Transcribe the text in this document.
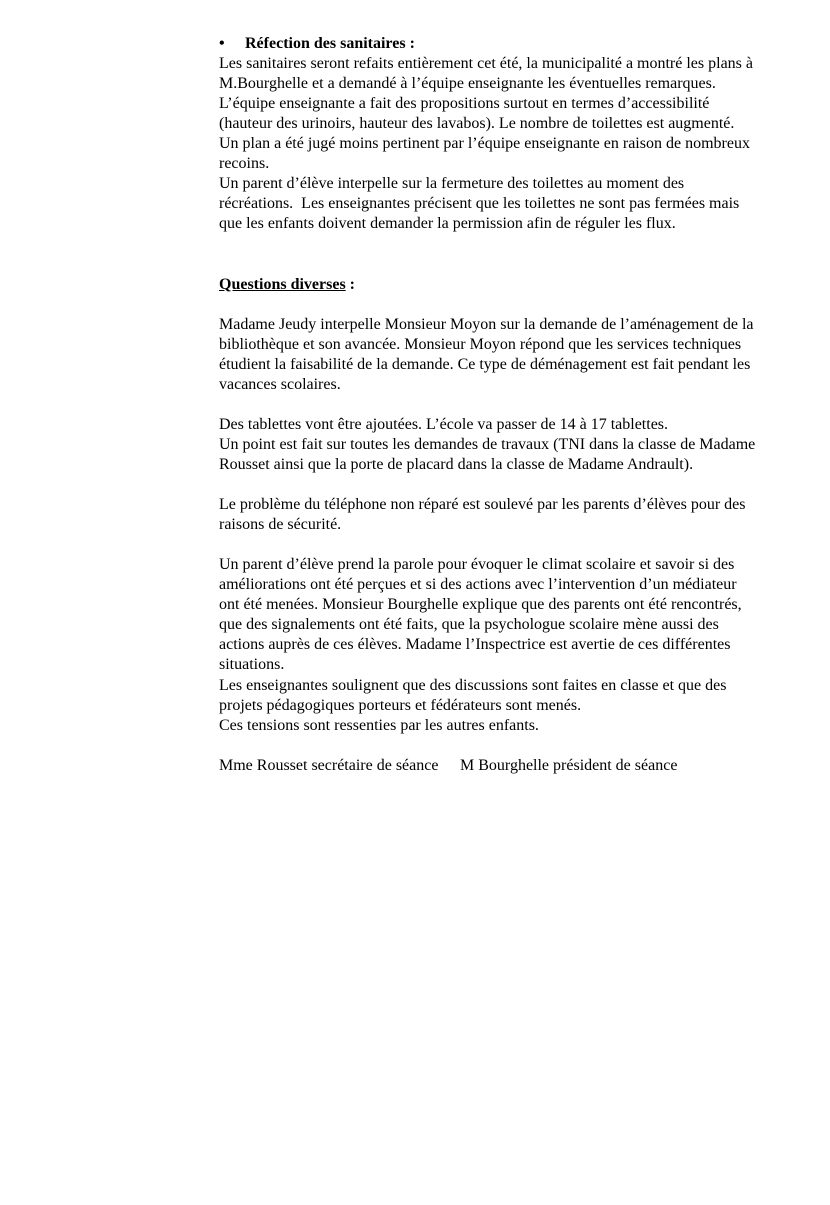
• Réfection des sanitaires :
Les sanitaires seront refaits entièrement cet été, la municipalité a montré les plans à
M.Bourghelle et a demandé à l’équipe enseignante les éventuelles remarques.
L’équipe enseignante a fait des propositions surtout en termes d’accessibilité
(hauteur des urinoirs, hauteur des lavabos). Le nombre de toilettes est augmenté.
Un plan a été jugé moins pertinent par l’équipe enseignante en raison de nombreux
recoins.
Un parent d’élève interpelle sur la fermeture des toilettes au moment des
récréations.  Les enseignantes précisent que les toilettes ne sont pas fermées mais
que les enfants doivent demander la permission afin de réguler les flux.
Questions diverses :
Madame Jeudy interpelle Monsieur Moyon sur la demande de l’aménagement de la
bibliothèque et son avancée. Monsieur Moyon répond que les services techniques
étudient la faisabilité de la demande. Ce type de déménagement est fait pendant les
vacances scolaires.
Des tablettes vont être ajoutées. L’école va passer de 14 à 17 tablettes.
Un point est fait sur toutes les demandes de travaux (TNI dans la classe de Madame
Rousset ainsi que la porte de placard dans la classe de Madame Andrault).
Le problème du téléphone non réparé est soulevé par les parents d’élèves pour des
raisons de sécurité.
Un parent d’élève prend la parole pour évoquer le climat scolaire et savoir si des
améliorations ont été perçues et si des actions avec l’intervention d’un médiateur
ont été menées. Monsieur Bourghelle explique que des parents ont été rencontrés,
que des signalements ont été faits, que la psychologue scolaire mène aussi des
actions auprès de ces élèves. Madame l’Inspectrice est avertie de ces différentes
situations.
Les enseignantes soulignent que des discussions sont faites en classe et que des
projets pédagogiques porteurs et fédérateurs sont menés.
Ces tensions sont ressenties par les autres enfants.
Mme Rousset secrétaire de séance M Bourghelle président de séance
